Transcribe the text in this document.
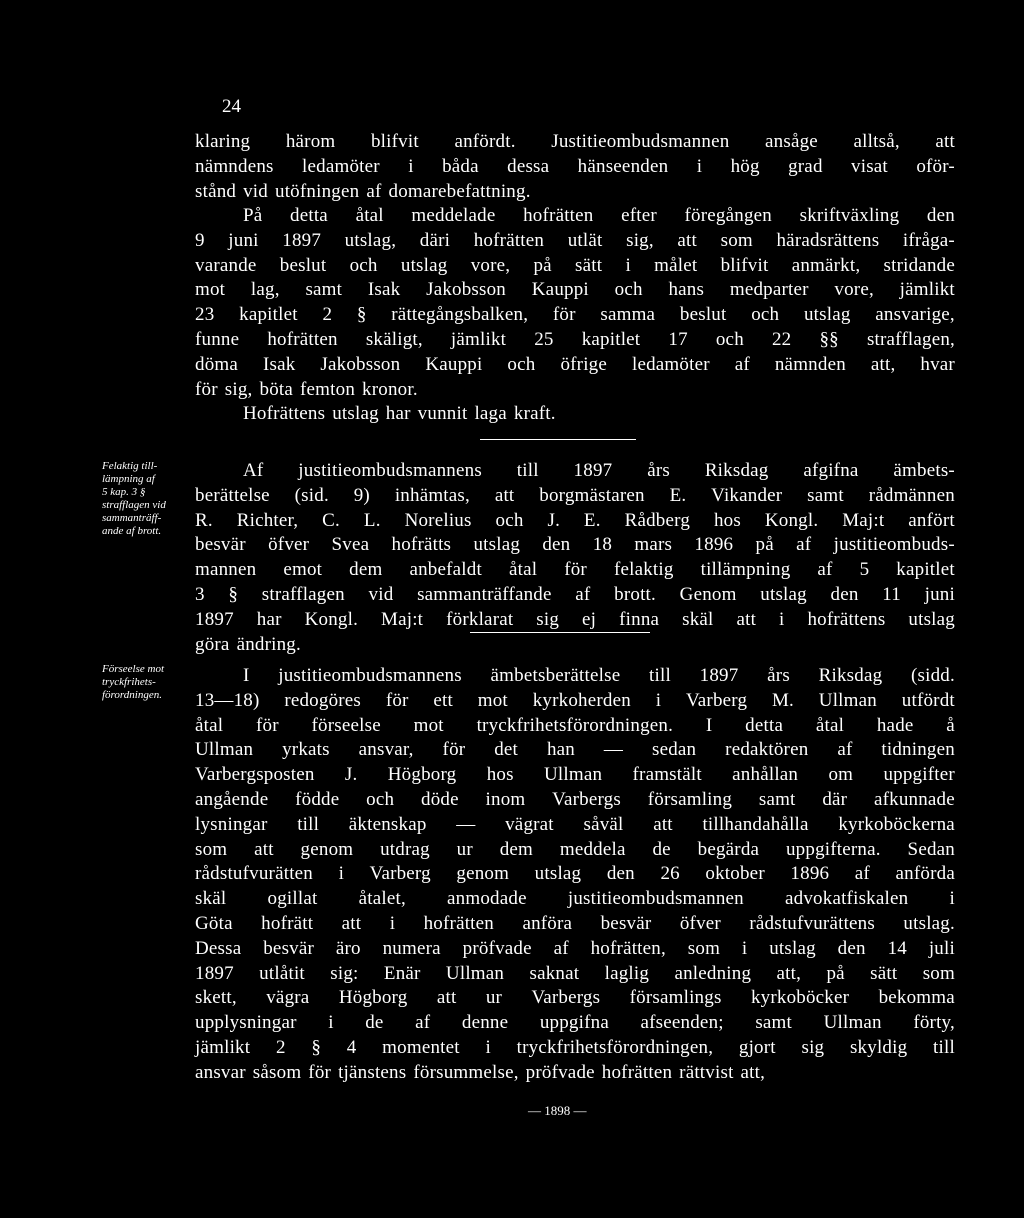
24
klaring härom blifvit anfördt. Justitieombudsmannen ansåge alltså, att
nämndens ledamöter i båda dessa hänseenden i hög grad visat oför-
stånd vid utöfningen af domarebefattning.
På detta åtal meddelade hofrätten efter föregången skriftväxling den
9 juni 1897 utslag, däri hofrätten utlät sig, att som häradsrättens ifråga-
varande beslut och utslag vore, på sätt i målet blifvit anmärkt, stridande
mot lag, samt Isak Jakobsson Kauppi och hans medparter vore, jämlikt
23 kapitlet 2 § rättegångsbalken, för samma beslut och utslag ansvarige,
funne hofrätten skäligt, jämlikt 25 kapitlet 17 och 22 §§ strafflagen,
döma Isak Jakobsson Kauppi och öfrige ledamöter af nämnden att, hvar
för sig, böta femton kronor.
Hofrättens utslag har vunnit laga kraft.
Felaktig till-
lämpning af
5 kap. 3 §
strafflagen vid
sammanträff-
ande af brott.
Af justitieombudsmannens till 1897 års Riksdag afgifna ämbets-
berättelse (sid. 9) inhämtas, att borgmästaren E. Vikander samt rådmännen
R. Richter, C. L. Norelius och J. E. Rådberg hos Kongl. Maj:t anfört
besvär öfver Svea hofrätts utslag den 18 mars 1896 på af justitieombuds-
mannen emot dem anbefaldt åtal för felaktig tillämpning af 5 kapitlet
3 § strafflagen vid sammanträffande af brott. Genom utslag den 11 juni
1897 har Kongl. Maj:t förklarat sig ej finna skäl att i hofrättens utslag
göra ändring.
Förseelse mot
tryckfrihets-
förordningen.
I justitieombudsmannens ämbetsberättelse till 1897 års Riksdag (sidd.
13—18) redogöres för ett mot kyrkoherden i Varberg M. Ullman utfördt
åtal för förseelse mot tryckfrihetsförordningen. I detta åtal hade å
Ullman yrkats ansvar, för det han — sedan redaktören af tidningen
Varbergsposten J. Högborg hos Ullman framstält anhållan om uppgifter
angående födde och döde inom Varbergs församling samt där afkunnade
lysningar till äktenskap — vägrat såväl att tillhandahålla kyrkoböckerna
som att genom utdrag ur dem meddela de begärda uppgifterna. Sedan
rådstufvurätten i Varberg genom utslag den 26 oktober 1896 af anförda
skäl ogillat åtalet, anmodade justitieombudsmannen advokatfiskalen i
Göta hofrätt att i hofrätten anföra besvär öfver rådstufvurättens utslag.
Dessa besvär äro numera pröfvade af hofrätten, som i utslag den 14 juli
1897 utlåtit sig: Enär Ullman saknat laglig anledning att, på sätt som
skett, vägra Högborg att ur Varbergs församlings kyrkoböcker bekomma
upplysningar i de af denne uppgifna afseenden; samt Ullman förty,
jämlikt 2 § 4 momentet i tryckfrihetsförordningen, gjort sig skyldig till
ansvar såsom för tjänstens försummelse, pröfvade hofrätten rättvist att,
— 1898 —
